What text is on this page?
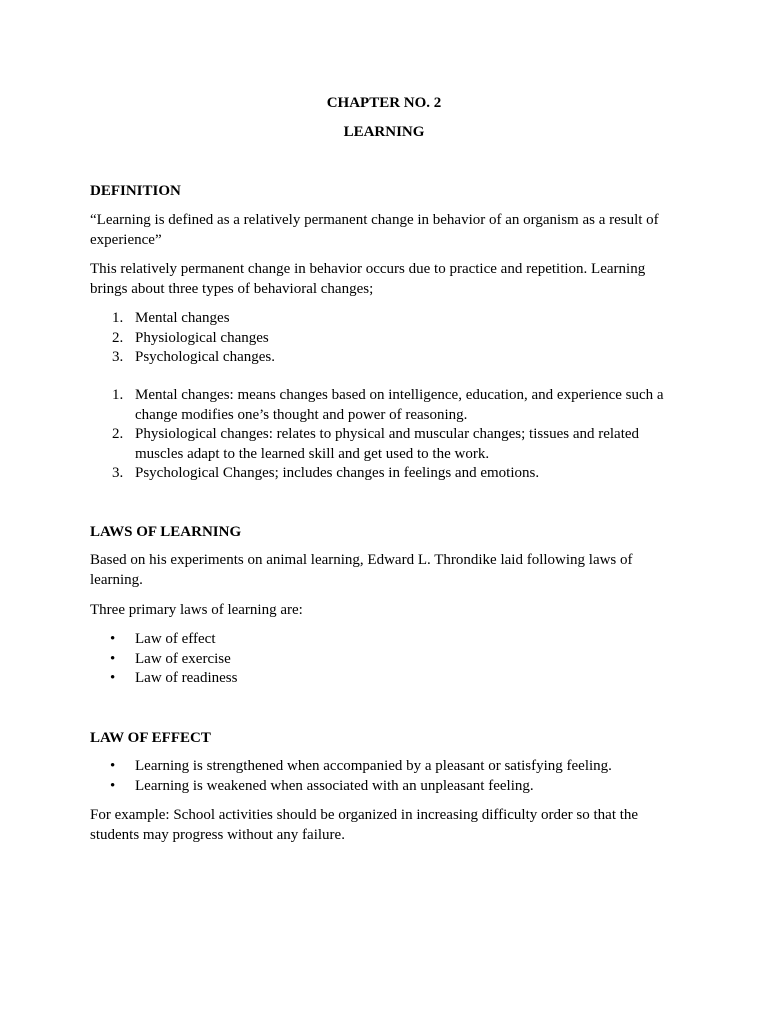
CHAPTER NO. 2
LEARNING
DEFINITION
“Learning is defined as a relatively permanent change in behavior of an organism as a result of experience”
This relatively permanent change in behavior occurs due to practice and repetition. Learning brings about three types of behavioral changes;
1. Mental changes
2. Physiological changes
3. Psychological changes.
1. Mental changes: means changes based on intelligence, education, and experience such a change modifies one’s thought and power of reasoning.
2. Physiological changes: relates to physical and muscular changes; tissues and related muscles adapt to the learned skill and get used to the work.
3. Psychological Changes; includes changes in feelings and emotions.
LAWS OF LEARNING
Based on his experiments on animal learning, Edward L. Throndike laid following laws of learning.
Three primary laws of learning are:
• Law of effect
• Law of exercise
• Law of readiness
LAW OF EFFECT
• Learning is strengthened when accompanied by a pleasant or satisfying feeling.
• Learning is weakened when associated with an unpleasant feeling.
For example: School activities should be organized in increasing difficulty order so that the students may progress without any failure.
